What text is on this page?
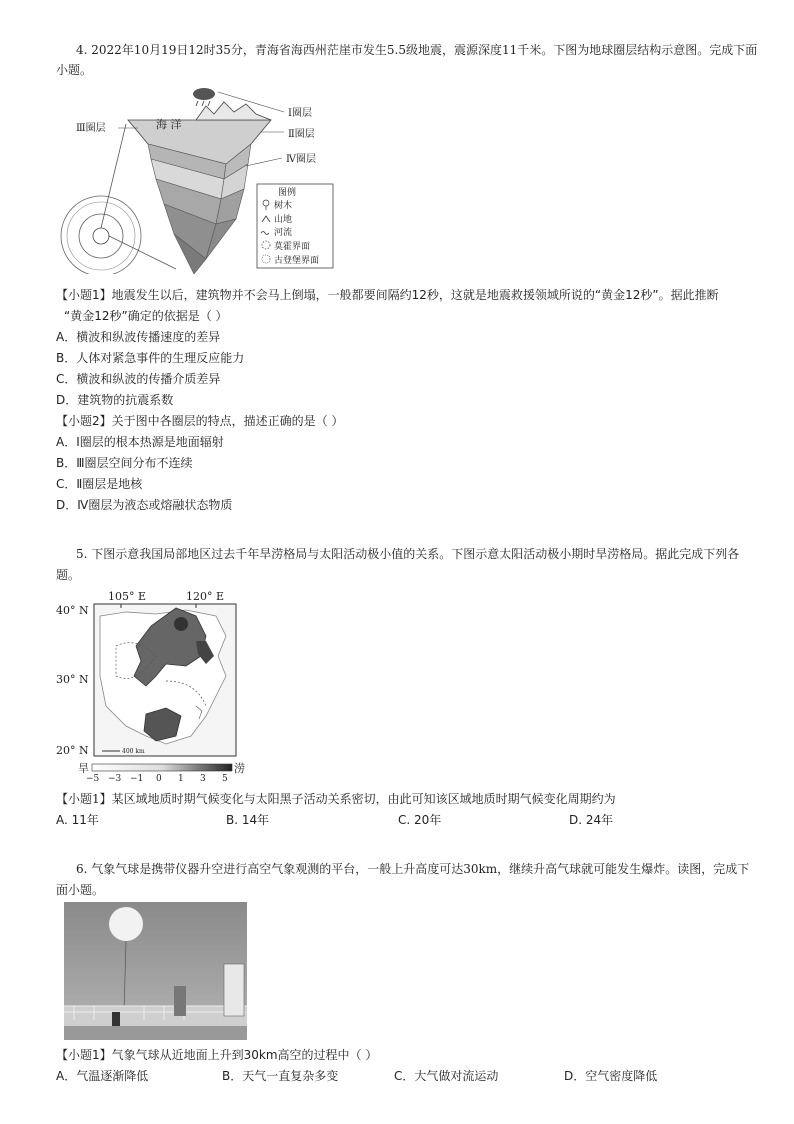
4. 2022年10月19日12时35分，青海省海西州茫崖市发生5.5级地震，震源深度11千米。下图为地球圈层结构示意图。完成下面
小题。
海 洋
Ⅰ圈层
Ⅱ圈层
Ⅲ圈层
Ⅳ圈层
图例
树木
山地
河流
莫霍界面
古登堡界面
【小题1】地震发生以后，建筑物并不会马上倒塌，一般都要间隔约12秒，这就是地震救援领域所说的“黄金12秒”。据此推断
“黄金12秒”确定的依据是（ ）
A．横波和纵波传播速度的差异
B．人体对紧急事件的生理反应能力
C．横波和纵波的传播介质差异
D．建筑物的抗震系数
【小题2】关于图中各圈层的特点，描述正确的是（ ）
A．Ⅰ圈层的根本热源是地面辐射
B．Ⅲ圈层空间分布不连续
C．Ⅱ圈层是地核
D．Ⅳ圈层为液态或熔融状态物质
5. 下图示意我国局部地区过去千年旱涝格局与太阳活动极小值的关系。下图示意太阳活动极小期时旱涝格局。据此完成下列各
题。
105° E	120° E
40° N
30° N
20° N	400 km
旱	涝
−5 −3 −1 0 1 3 5
【小题1】某区域地质时期气候变化与太阳黑子活动关系密切，由此可知该区域地质时期气候变化周期约为
A. 11年	B. 14年	C. 20年	D. 24年
6. 气象气球是携带仪器升空进行高空气象观测的平台，一般上升高度可达30km，继续升高气球就可能发生爆炸。读图，完成下
面小题。
【小题1】气象气球从近地面上升到30km高空的过程中（ ）
A．气温逐渐降低	B．天气一直复杂多变	C．大气做对流运动	D．空气密度降低
